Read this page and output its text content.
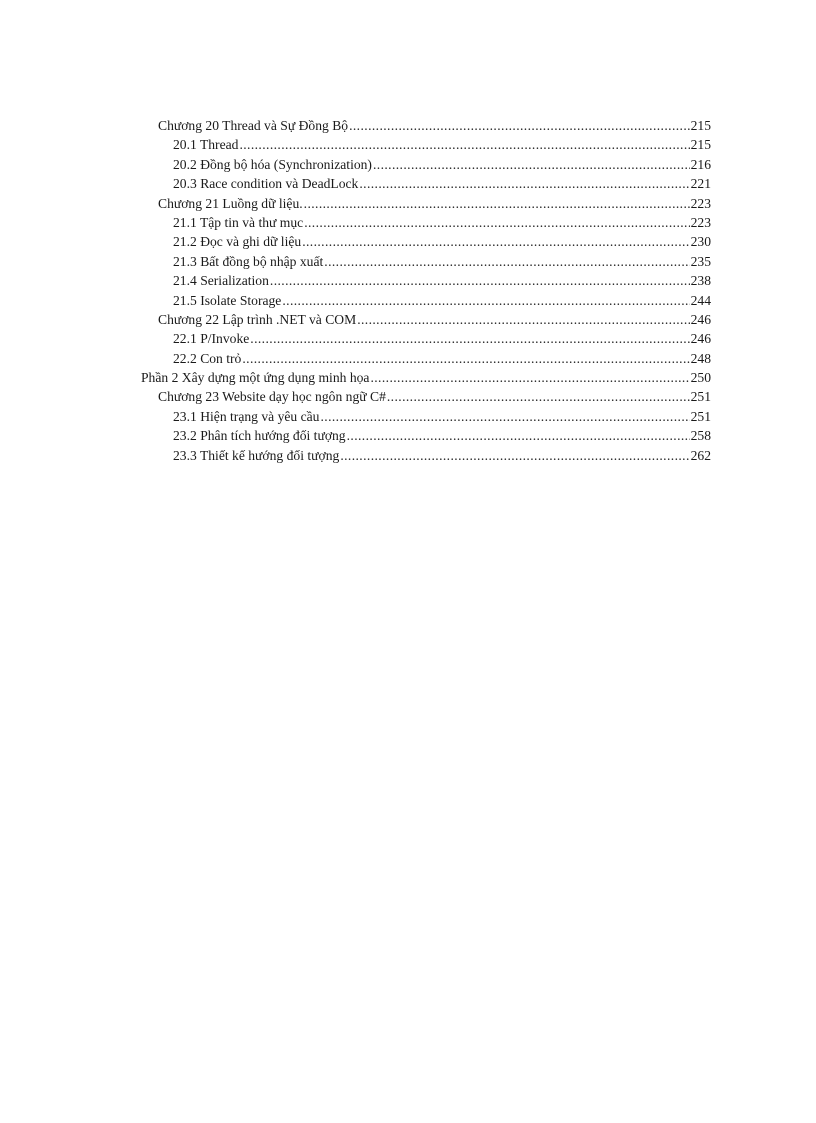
Chương 20 Thread và Sự Đồng Bộ .....	215
20.1 Thread .....	215
20.2 Đồng bộ hóa (Synchronization) .....	216
20.3 Race condition và DeadLock .....	221
Chương 21 Luồng dữ liệu. .....	223
21.1 Tập tin và thư mục .....	223
21.2 Đọc và ghi dữ liệu .....	230
21.3 Bất đồng bộ nhập xuất .....	235
21.4 Serialization .....	238
21.5 Isolate Storage .....	244
Chương 22 Lập trình .NET và COM .....	246
22.1 P/Invoke .....	246
22.2 Con trỏ .....	248
Phần 2 Xây dựng một ứng dụng minh họa .....	250
Chương 23 Website dạy học ngôn ngữ C# .....	251
23.1 Hiện trạng và yêu cầu .....	251
23.2 Phân tích hướng đối tượng .....	258
23.3 Thiết kế hướng đối tượng .....	262
